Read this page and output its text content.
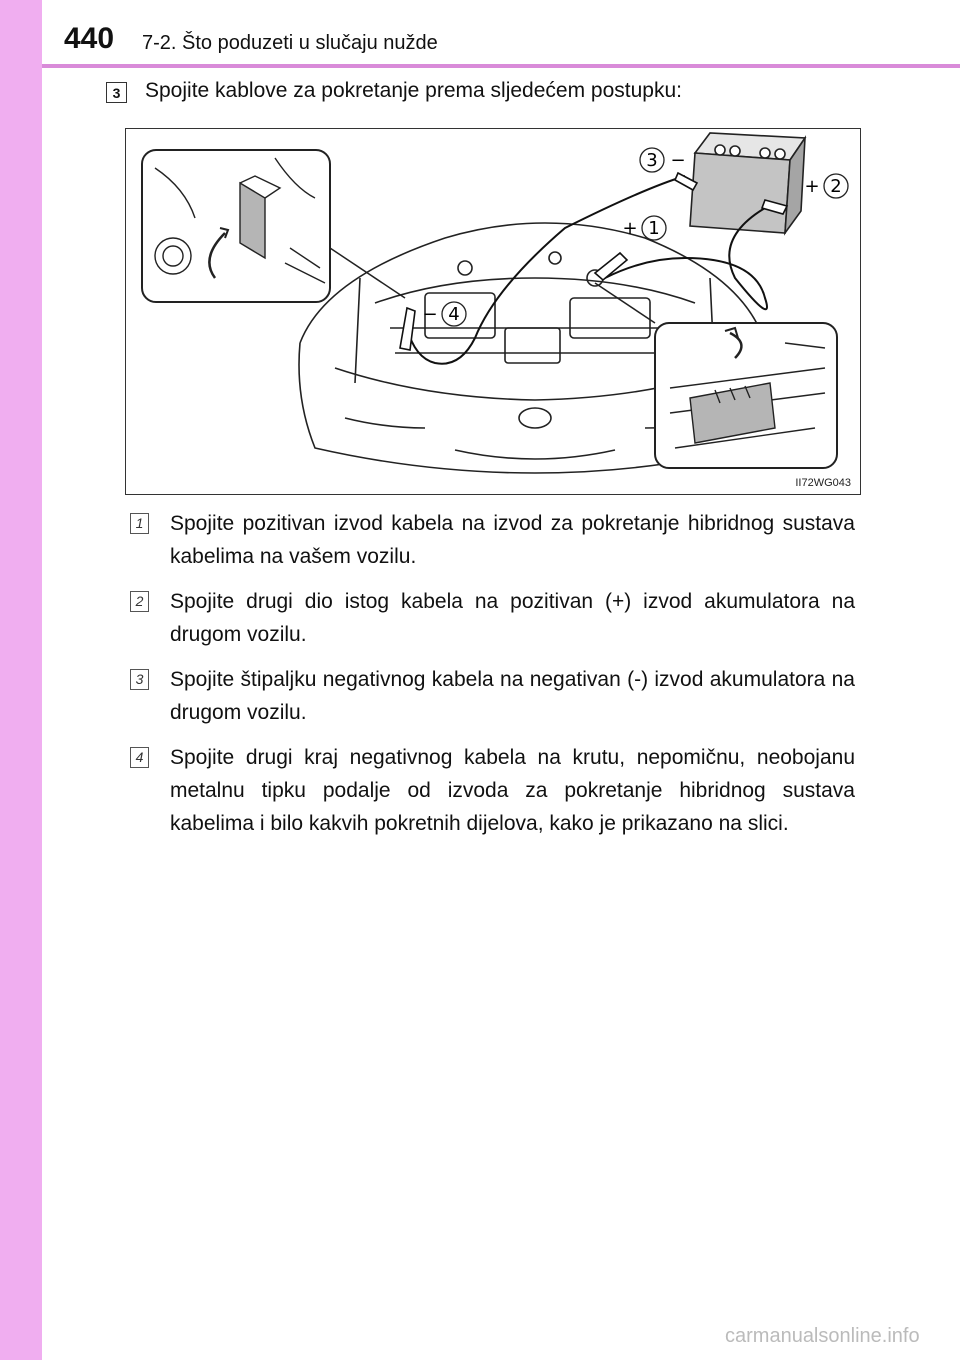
440 7-2. Što poduzeti u slučaju nužde
3	Spojite kablove za pokretanje prema sljedećem postupku:
3 −
+ 2
+ 1
− 4
II72WG043
1 Spojite pozitivan izvod kabela na izvod za pokretanje hibridnog sustava kabelima na vašem vozilu.
2 Spojite drugi dio istog kabela na pozitivan (+) izvod akumulatora na drugom vozilu.
3 Spojite štipaljku negativnog kabela na negativan (-) izvod akumulatora na drugom vozilu.
4 Spojite drugi kraj negativnog kabela na krutu, nepomičnu, neobojanu metalnu tipku podalje od izvoda za pokretanje hibridnog sustava kabelima i bilo kakvih pokretnih dijelova, kako je prikazano na slici.
carmanualsonline.info
